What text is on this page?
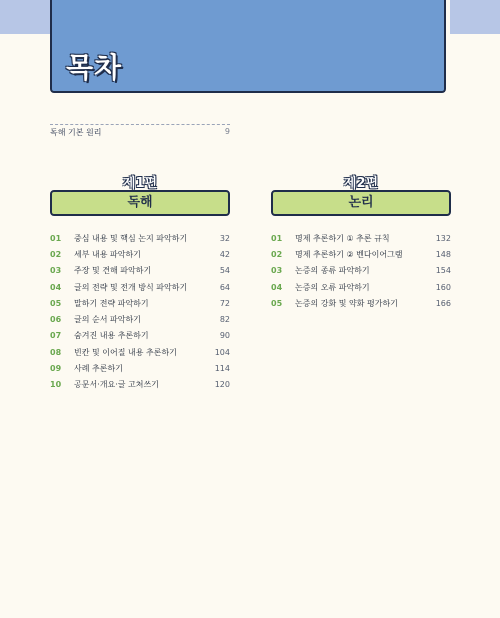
목차
독해 기본 원리	9
제1편
독해
01	중심 내용 및 핵심 논지 파악하기	32
02	세부 내용 파악하기	42
03	주장 및 견해 파악하기	54
04	글의 전략 및 전개 방식 파악하기	64
05	말하기 전략 파악하기	72
06	글의 순서 파악하기	82
07	숨겨진 내용 추론하기	90
08	빈칸 및 이어질 내용 추론하기	104
09	사례 추론하기	114
10	공문서·개요·글 고쳐쓰기	120
제2편
논리
01	명제 추론하기 ① 추론 규칙	132
02	명제 추론하기 ② 벤다이어그램	148
03	논증의 종류 파악하기	154
04	논증의 오류 파악하기	160
05	논증의 강화 및 약화 평가하기	166
